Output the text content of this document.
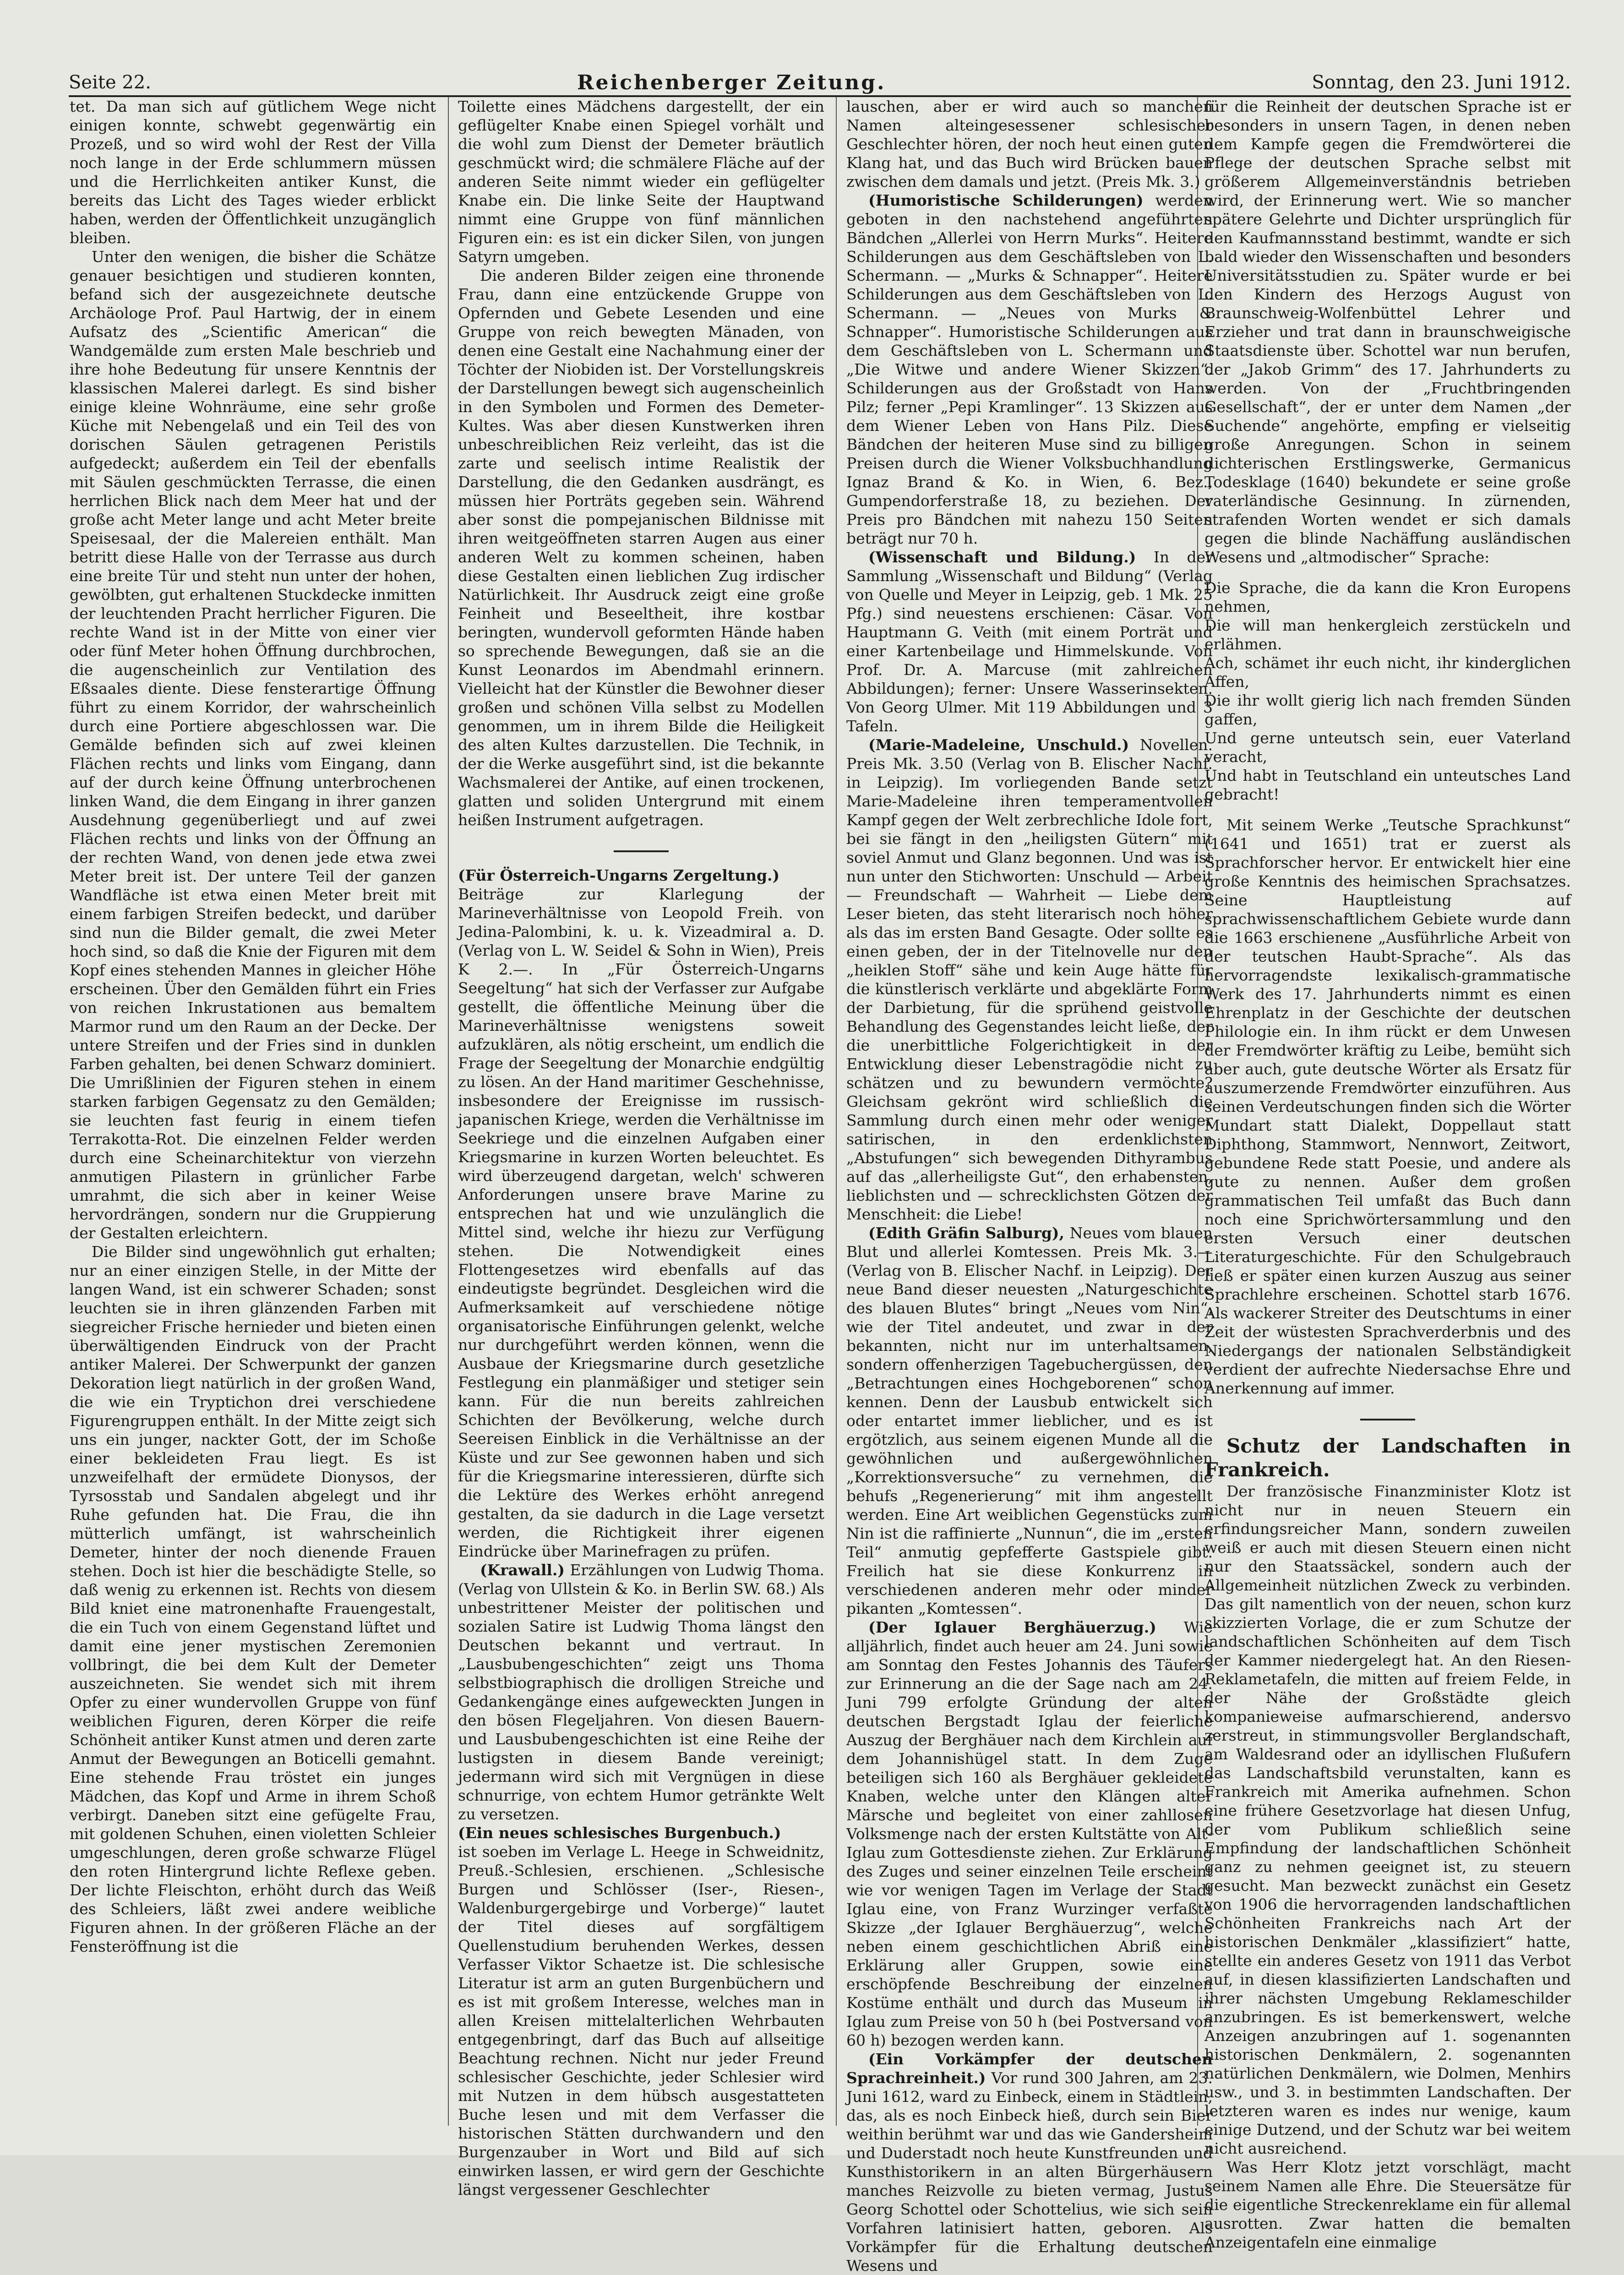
Seite 22.	Reichenberger Zeitung.	Sonntag, den 23. Juni 1912.

tet. Da man sich auf gütlichem Wege nicht einigen konnte, schwebt gegenwärtig ein Prozeß, und so wird wohl der Rest der Villa noch lange in der Erde schlummern müssen und die Herrlichkeiten antiker Kunst, die bereits das Licht des Tages wieder erblickt haben, werden der Öffentlichkeit unzugänglich bleiben.

Unter den wenigen, die bisher die Schätze genauer besichtigen und studieren konnten, befand sich der ausgezeichnete deutsche Archäologe Prof. Paul Hartwig, der in einem Aufsatz des „Scientific American“ die Wandgemälde zum ersten Male beschrieb und ihre hohe Bedeutung für unsere Kenntnis der klassischen Malerei darlegt. Es sind bisher einige kleine Wohnräume, eine sehr große Küche mit Nebengelaß und ein Teil des von dorischen Säulen getragenen Peristils aufgedeckt; außerdem ein Teil der ebenfalls mit Säulen geschmückten Terrasse, die einen herrlichen Blick nach dem Meer hat und der große acht Meter lange und acht Meter breite Speisesaal, der die Malereien enthält. Man betritt diese Halle von der Terrasse aus durch eine breite Tür und steht nun unter der hohen, gewölbten, gut erhaltenen Stuckdecke inmitten der leuchtenden Pracht herrlicher Figuren. Die rechte Wand ist in der Mitte von einer vier oder fünf Meter hohen Öffnung durchbrochen, die augenscheinlich zur Ventilation des Eßsaales diente. Diese fensterartige Öffnung führt zu einem Korridor, der wahrscheinlich durch eine Portiere abgeschlossen war. Die Gemälde befinden sich auf zwei kleinen Flächen rechts und links vom Eingang, dann auf der durch keine Öffnung unterbrochenen linken Wand, die dem Eingang in ihrer ganzen Ausdehnung gegenüberliegt und auf zwei Flächen rechts und links von der Öffnung an der rechten Wand, von denen jede etwa zwei Meter breit ist. Der untere Teil der ganzen Wandfläche ist etwa einen Meter breit mit einem farbigen Streifen bedeckt, und darüber sind nun die Bilder gemalt, die zwei Meter hoch sind, so daß die Knie der Figuren mit dem Kopf eines stehenden Mannes in gleicher Höhe erscheinen. Über den Gemälden führt ein Fries von reichen Inkrustationen aus bemaltem Marmor rund um den Raum an der Decke. Der untere Streifen und der Fries sind in dunklen Farben gehalten, bei denen Schwarz dominiert. Die Umrißlinien der Figuren stehen in einem starken farbigen Gegensatz zu den Gemälden; sie leuchten fast feurig in einem tiefen Terrakotta-Rot. Die einzelnen Felder werden durch eine Scheinarchitektur von vierzehn anmutigen Pilastern in grünlicher Farbe umrahmt, die sich aber in keiner Weise hervordrängen, sondern nur die Gruppierung der Gestalten erleichtern.

Die Bilder sind ungewöhnlich gut erhalten; nur an einer einzigen Stelle, in der Mitte der langen Wand, ist ein schwerer Schaden; sonst leuchten sie in ihren glänzenden Farben mit siegreicher Frische hernieder und bieten einen überwältigenden Eindruck von der Pracht antiker Malerei. Der Schwerpunkt der ganzen Dekoration liegt natürlich in der großen Wand, die wie ein Tryptichon drei verschiedene Figurengruppen enthält. In der Mitte zeigt sich uns ein junger, nackter Gott, der im Schoße einer bekleideten Frau liegt. Es ist unzweifelhaft der ermüdete Dionysos, der Tyrsosstab und Sandalen abgelegt und ihr Ruhe gefunden hat. Die Frau, die ihn mütterlich umfängt, ist wahrscheinlich Demeter, hinter der noch dienende Frauen stehen. Doch ist hier die beschädigte Stelle, so daß wenig zu erkennen ist. Rechts von diesem Bild kniet eine matronenhafte Frauengestalt, die ein Tuch von einem Gegenstand lüftet und damit eine jener mystischen Zeremonien vollbringt, die bei dem Kult der Demeter auszeichneten. Sie wendet sich mit ihrem Opfer zu einer wundervollen Gruppe von fünf weiblichen Figuren, deren Körper die reife Schönheit antiker Kunst atmen und deren zarte Anmut der Bewegungen an Boticelli gemahnt. Eine stehende Frau tröstet ein junges Mädchen, das Kopf und Arme in ihrem Schoß verbirgt. Daneben sitzt eine gefügelte Frau, mit goldenen Schuhen, einen violetten Schleier umgeschlungen, deren große schwarze Flügel den roten Hintergrund lichte Reflexe geben. Der lichte Fleischton, erhöht durch das Weiß des Schleiers, läßt zwei andere weibliche Figuren ahnen. In der größeren Fläche an der Fensteröffnung ist die

Toilette eines Mädchens dargestellt, der ein geflügelter Knabe einen Spiegel vorhält und die wohl zum Dienst der Demeter bräutlich geschmückt wird; die schmälere Fläche auf der anderen Seite nimmt wieder ein geflügelter Knabe ein. Die linke Seite der Hauptwand nimmt eine Gruppe von fünf männlichen Figuren ein: es ist ein dicker Silen, von jungen Satyrn umgeben.

Die anderen Bilder zeigen eine thronende Frau, dann eine entzückende Gruppe von Opfernden und Gebete Lesenden und eine Gruppe von reich bewegten Mänaden, von denen eine Gestalt eine Nachahmung einer der Töchter der Niobiden ist. Der Vorstellungskreis der Darstellungen bewegt sich augenscheinlich in den Symbolen und Formen des Demeter-Kultes. Was aber diesen Kunstwerken ihren unbeschreiblichen Reiz verleiht, das ist die zarte und seelisch intime Realistik der Darstellung, die den Gedanken ausdrängt, es müssen hier Porträts gegeben sein. Während aber sonst die pompejanischen Bildnisse mit ihren weitgeöffneten starren Augen aus einer anderen Welt zu kommen scheinen, haben diese Gestalten einen lieblichen Zug irdischer Natürlichkeit. Ihr Ausdruck zeigt eine große Feinheit und Beseeltheit, ihre kostbar beringten, wundervoll geformten Hände haben so sprechende Bewegungen, daß sie an die Kunst Leonardos im Abendmahl erinnern. Vielleicht hat der Künstler die Bewohner dieser großen und schönen Villa selbst zu Modellen genommen, um in ihrem Bilde die Heiligkeit des alten Kultes darzustellen. Die Technik, in der die Werke ausgeführt sind, ist die bekannte Wachsmalerei der Antike, auf einen trockenen, glatten und soliden Untergrund mit einem heißen Instrument aufgetragen.

(Für Österreich-Ungarns Zergeltung.)

Beiträge zur Klarlegung der Marineverhältnisse von Leopold Freih. von Jedina-Palombini, k. u. k. Vizeadmiral a. D. (Verlag von L. W. Seidel & Sohn in Wien), Preis K 2.—. In „Für Österreich-Ungarns Seegeltung“ hat sich der Verfasser zur Aufgabe gestellt, die öffentliche Meinung über die Marineverhältnisse wenigstens soweit aufzuklären, als nötig erscheint, um endlich die Frage der Seegeltung der Monarchie endgültig zu lösen. An der Hand maritimer Geschehnisse, insbesondere der Ereignisse im russisch-japanischen Kriege, werden die Verhältnisse im Seekriege und die einzelnen Aufgaben einer Kriegsmarine in kurzen Worten beleuchtet. Es wird überzeugend dargetan, welch' schweren Anforderungen unsere brave Marine zu entsprechen hat und wie unzulänglich die Mittel sind, welche ihr hiezu zur Verfügung stehen. Die Notwendigkeit eines Flottengesetzes wird ebenfalls auf das eindeutigste begründet. Desgleichen wird die Aufmerksamkeit auf verschiedene nötige organisatorische Einführungen gelenkt, welche nur durchgeführt werden können, wenn die Ausbaue der Kriegsmarine durch gesetzliche Festlegung ein planmäßiger und stetiger sein kann. Für die nun bereits zahlreichen Schichten der Bevölkerung, welche durch Seereisen Einblick in die Verhältnisse an der Küste und zur See gewonnen haben und sich für die Kriegsmarine interessieren, dürfte sich die Lektüre des Werkes erhöht anregend gestalten, da sie dadurch in die Lage versetzt werden, die Richtigkeit ihrer eigenen Eindrücke über Marinefragen zu prüfen.

(Krawall.) Erzählungen von Ludwig Thoma. (Verlag von Ullstein & Ko. in Berlin SW. 68.) Als unbestrittener Meister der politischen und sozialen Satire ist Ludwig Thoma längst den Deutschen bekannt und vertraut. In „Lausbubengeschichten“ zeigt uns Thoma selbstbiographisch die drolligen Streiche und Gedankengänge eines aufgeweckten Jungen in den bösen Flegeljahren. Von diesen Bauern- und Lausbubengeschichten ist eine Reihe der lustigsten in diesem Bande vereinigt; jedermann wird sich mit Vergnügen in diese schnurrige, von echtem Humor getränkte Welt zu versetzen.

(Ein neues schlesisches Burgenbuch.)

ist soeben im Verlage L. Heege in Schweidnitz, Preuß.-Schlesien, erschienen. „Schlesische Burgen und Schlösser (Iser-, Riesen-, Waldenburgergebirge und Vorberge)“ lautet der Titel dieses auf sorgfältigem Quellenstudium beruhenden Werkes, dessen Verfasser Viktor Schaetze ist. Die schlesische Literatur ist arm an guten Burgenbüchern und es ist mit großem Interesse, welches man in allen Kreisen mittelalterlichen Wehrbauten entgegenbringt, darf das Buch auf allseitige Beachtung rechnen. Nicht nur jeder Freund schlesischer Geschichte, jeder Schlesier wird mit Nutzen in dem hübsch ausgestatteten Buche lesen und mit dem Verfasser die historischen Stätten durchwandern und den Burgenzauber in Wort und Bild auf sich einwirken lassen, er wird gern der Geschichte längst vergessener Geschlechter

lauschen, aber er wird auch so manchen Namen alteingesessener schlesischer Geschlechter hören, der noch heut einen guten Klang hat, und das Buch wird Brücken bauen zwischen dem damals und jetzt. (Preis Mk. 3.)

(Humoristische Schilderungen) werden geboten in den nachstehend angeführten Bändchen „Allerlei von Herrn Murks“. Heitere Schilderungen aus dem Geschäftsleben von L. Schermann. — „Murks & Schnapper“. Heitere Schilderungen aus dem Geschäftsleben von L. Schermann. — „Neues von Murks & Schnapper“. Humoristische Schilderungen aus dem Geschäftsleben von L. Schermann und „Die Witwe und andere Wiener Skizzen“. Schilderungen aus der Großstadt von Hans Pilz; ferner „Pepi Kramlinger“. 13 Skizzen aus dem Wiener Leben von Hans Pilz. Diese Bändchen der heiteren Muse sind zu billigen Preisen durch die Wiener Volksbuchhandlung Ignaz Brand & Ko. in Wien, 6. Bez., Gumpendorferstraße 18, zu beziehen. Der Preis pro Bändchen mit nahezu 150 Seiten beträgt nur 70 h.

(Wissenschaft und Bildung.) In der Sammlung „Wissenschaft und Bildung“ (Verlag von Quelle und Meyer in Leipzig, geb. 1 Mk. 25 Pfg.) sind neuestens erschienen: Cäsar. Von Hauptmann G. Veith (mit einem Porträt und einer Kartenbeilage und Himmelskunde. Von Prof. Dr. A. Marcuse (mit zahlreichen Abbildungen); ferner: Unsere Wasserinsekten. Von Georg Ulmer. Mit 119 Abbildungen und 3 Tafeln.

(Marie-Madeleine, Unschuld.) Novellen. Preis Mk. 3.50 (Verlag von B. Elischer Nachf. in Leipzig). Im vorliegenden Bande setzt Marie-Madeleine ihren temperamentvollen Kampf gegen der Welt zerbrechliche Idole fort, bei sie fängt in den „heiligsten Gütern“ mit soviel Anmut und Glanz begonnen. Und was ist nun unter den Stichworten: Unschuld — Arbeit — Freundschaft — Wahrheit — Liebe dem Leser bieten, das steht literarisch noch höher als das im ersten Band Gesagte. Oder sollte es einen geben, der in der Titelnovelle nur den „heiklen Stoff“ sähe und kein Auge hätte für die künstlerisch verklärte und abgeklärte Form der Darbietung, für die sprühend geistvolle Behandlung des Gegenstandes leicht ließe, der die unerbittliche Folgerichtigkeit in der Entwicklung dieser Lebenstragödie nicht zu schätzen und zu bewundern vermöchte? Gleichsam gekrönt wird schließlich die Sammlung durch einen mehr oder weniger satirischen, in den erdenklichsten „Abstufungen“ sich bewegenden Dithyrambus auf das „allerheiligste Gut“, den erhabensten, lieblichsten und — schrecklichsten Götzen der Menschheit: die Liebe!

(Edith Gräfin Salburg), Neues vom blauen Blut und allerlei Komtessen. Preis Mk. 3.— (Verlag von B. Elischer Nachf. in Leipzig). Der neue Band dieser neuesten „Naturgeschichte des blauen Blutes“ bringt „Neues vom Nin“, wie der Titel andeutet, und zwar in der bekannten, nicht nur im unterhaltsamen, sondern offenherzigen Tagebuchergüssen, den „Betrachtungen eines Hochgeborenen“ schon kennen. Denn der Lausbub entwickelt sich oder entartet immer lieblicher, und es ist ergötzlich, aus seinem eigenen Munde all die gewöhnlichen und außergewöhnlichen „Korrektionsversuche“ zu vernehmen, die behufs „Regenerierung“ mit ihm angestellt werden. Eine Art weiblichen Gegenstücks zum Nin ist die raffinierte „Nunnun“, die im „ersten Teil“ anmutig gepfefferte Gastspiele gibt. Freilich hat sie diese Konkurrenz in verschiedenen anderen mehr oder minder pikanten „Komtessen“.

(Der Iglauer Berghäuerzug.) Wie alljährlich, findet auch heuer am 24. Juni sowie am Sonntag den Festes Johannis des Täufers zur Erinnerung an die der Sage nach am 24. Juni 799 erfolgte Gründung der alten deutschen Bergstadt Iglau der feierliche Auszug der Berghäuer nach dem Kirchlein auf dem Johannishügel statt. In dem Zuge beteiligen sich 160 als Berghäuer gekleidete Knaben, welche unter den Klängen alter Märsche und begleitet von einer zahllosen Volksmenge nach der ersten Kultstätte von Alt-Iglau zum Gottesdienste ziehen. Zur Erklärung des Zuges und seiner einzelnen Teile erscheint wie vor wenigen Tagen im Verlage der Stadt Iglau eine, von Franz Wurzinger verfaßte Skizze „der Iglauer Berghäuerzug“, welche neben einem geschichtlichen Abriß eine Erklärung aller Gruppen, sowie eine erschöpfende Beschreibung der einzelnen Kostüme enthält und durch das Museum in Iglau zum Preise von 50 h (bei Postversand von 60 h) bezogen werden kann.

(Ein Vorkämpfer der deutschen Sprachreinheit.) Vor rund 300 Jahren, am 23. Juni 1612, ward zu Einbeck, einem in Städtlein, das, als es noch Einbeck hieß, durch sein Bier weithin berühmt war und das wie Gandersheim und Duderstadt noch heute Kunstfreunden und Kunsthistorikern in an alten Bürgerhäusern manches Reizvolle zu bieten vermag, Justus Georg Schottel oder Schottelius, wie sich sein Vorfahren latinisiert hatten, geboren. Als Vorkämpfer für die Erhaltung deutschen Wesens und

für die Reinheit der deutschen Sprache ist er besonders in unsern Tagen, in denen neben dem Kampfe gegen die Fremdwörterei die Pflege der deutschen Sprache selbst mit größerem Allgemeinverständnis betrieben wird, der Erinnerung wert. Wie so mancher spätere Gelehrte und Dichter ursprünglich für den Kaufmannsstand bestimmt, wandte er sich bald wieder den Wissenschaften und besonders Universitätsstudien zu. Später wurde er bei den Kindern des Herzogs August von Braunschweig-Wolfenbüttel Lehrer und Erzieher und trat dann in braunschweigische Staatsdienste über. Schottel war nun berufen, der „Jakob Grimm“ des 17. Jahrhunderts zu werden. Von der „Fruchtbringenden Gesellschaft“, der er unter dem Namen „der Suchende“ angehörte, empfing er vielseitig große Anregungen. Schon in seinem dichterischen Erstlingswerke, Germanicus Todesklage (1640) bekundete er seine große vaterländische Gesinnung. In zürnenden, strafenden Worten wendet er sich damals gegen die blinde Nachäffung ausländischen Wesens und „altmodischer“ Sprache:

Die Sprache, die da kann die Kron Europens nehmen,

Die will man henkergleich zerstückeln und erlähmen.

Ach, schämet ihr euch nicht, ihr kinderglichen Affen,

Die ihr wollt gierig lich nach fremden Sünden gaffen,

Und gerne unteutsch sein, euer Vaterland veracht,

Und habt in Teutschland ein unteutsches Land gebracht!

Mit seinem Werke „Teutsche Sprachkunst“ (1641 und 1651) trat er zuerst als Sprachforscher hervor. Er entwickelt hier eine große Kenntnis des heimischen Sprachsatzes. Seine Hauptleistung auf sprachwissenschaftlichem Gebiete wurde dann die 1663 erschienene „Ausführliche Arbeit von der teutschen Haubt-Sprache“. Als das hervorragendste lexikalisch-grammatische Werk des 17. Jahrhunderts nimmt es einen Ehrenplatz in der Geschichte der deutschen Philologie ein. In ihm rückt er dem Unwesen der Fremdwörter kräftig zu Leibe, bemüht sich aber auch, gute deutsche Wörter als Ersatz für auszumerzende Fremdwörter einzuführen. Aus seinen Verdeutschungen finden sich die Wörter Mundart statt Dialekt, Doppellaut statt Diphthong, Stammwort, Nennwort, Zeitwort, gebundene Rede statt Poesie, und andere als gute zu nennen. Außer dem großen grammatischen Teil umfaßt das Buch dann noch eine Sprichwörtersammlung und den ersten Versuch einer deutschen Literaturgeschichte. Für den Schulgebrauch ließ er später einen kurzen Auszug aus seiner Sprachlehre erscheinen. Schottel starb 1676. Als wackerer Streiter des Deutschtums in einer Zeit der wüstesten Sprachverderbnis und des Niedergangs der nationalen Selbständigkeit verdient der aufrechte Niedersachse Ehre und Anerkennung auf immer.

Schutz der Landschaften in Frankreich.

Der französische Finanzminister Klotz ist nicht nur in neuen Steuern ein erfindungsreicher Mann, sondern zuweilen weiß er auch mit diesen Steuern einen nicht nur den Staatssäckel, sondern auch der Allgemeinheit nützlichen Zweck zu verbinden. Das gilt namentlich von der neuen, schon kurz skizzierten Vorlage, die er zum Schutze der landschaftlichen Schönheiten auf dem Tisch der Kammer niedergelegt hat. An den Riesen-Reklametafeln, die mitten auf freiem Felde, in der Nähe der Großstädte gleich kompanieweise aufmarschierend, andersvo zerstreut, in stimmungsvoller Berglandschaft, am Waldesrand oder an idyllischen Flußufern das Landschaftsbild verunstalten, kann es Frankreich mit Amerika aufnehmen. Schon eine frühere Gesetzvorlage hat diesen Unfug, der vom Publikum schließlich seine Empfindung der landschaftlichen Schönheit ganz zu nehmen geeignet ist, zu steuern gesucht. Man bezweckt zunächst ein Gesetz von 1906 die hervorragenden landschaftlichen Schönheiten Frankreichs nach Art der historischen Denkmäler „klassifiziert“ hatte, stellte ein anderes Gesetz von 1911 das Verbot auf, in diesen klassifizierten Landschaften und ihrer nächsten Umgebung Reklameschilder anzubringen. Es ist bemerkenswert, welche Anzeigen anzubringen auf 1. sogenannten historischen Denkmälern, 2. sogenannten natürlichen Denkmälern, wie Dolmen, Menhirs usw., und 3. in bestimmten Landschaften. Der letzteren waren es indes nur wenige, kaum einige Dutzend, und der Schutz war bei weitem nicht ausreichend.

Was Herr Klotz jetzt vorschlägt, macht seinem Namen alle Ehre. Die Steuersätze für die eigentliche Streckenreklame ein für allemal ausrotten. Zwar hatten die bemalten Anzeigentafeln eine einmalige
